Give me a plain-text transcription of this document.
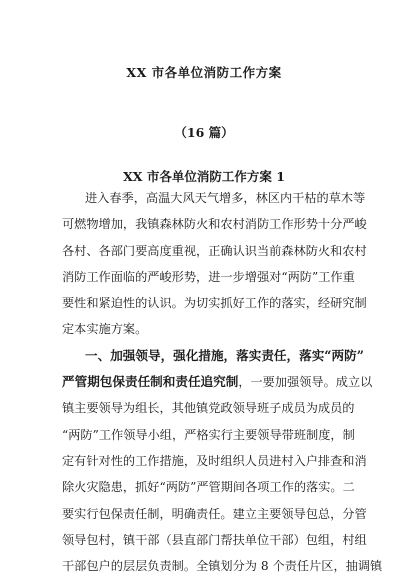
XX 市各单位消防工作方案
（16 篇）
XX 市各单位消防工作方案 1
进入春季，高温大风天气增多，林区内干枯的草木等
可燃物增加，我镇森林防火和农村消防工作形势十分严峻
各村、各部门要高度重视，正确认识当前森林防火和农村
消防工作面临的严峻形势，进一步增强对“两防”工作重
要性和紧迫性的认识。为切实抓好工作的落实，经研究制
定本实施方案。
一、加强领导，强化措施，落实责任，落实“两防”
严管期包保责任制和责任追究制，一要加强领导。成立以
镇主要领导为组长，其他镇党政领导班子成员为成员的
“两防”工作领导小组，严格实行主要领导带班制度，制
定有针对性的工作措施，及时组织人员进村入户排查和消
除火灾隐患，抓好“两防”严管期间各项工作的落实。二
要实行包保责任制，明确责任。建立主要领导包总，分管
领导包村，镇干部（县直部门帮扶单位干部）包组，村组
干部包户的层层负责制。全镇划分为 8 个责任片区，抽调镇
